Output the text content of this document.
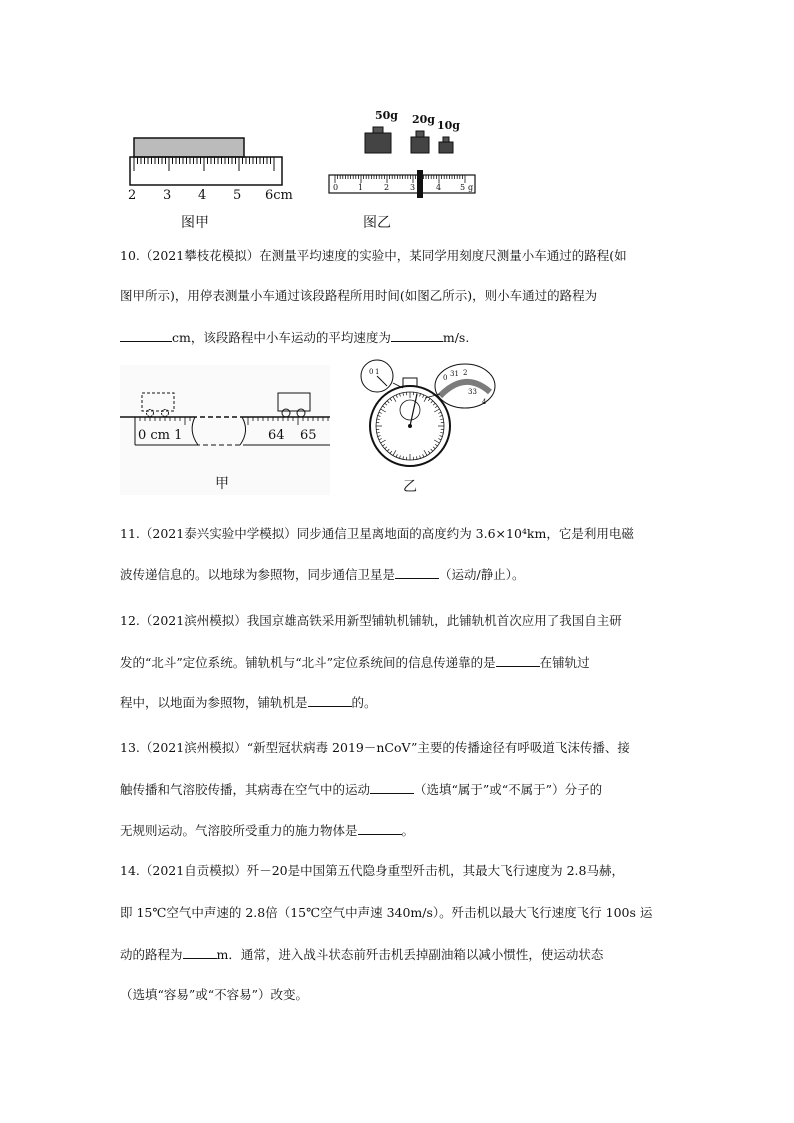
2 3 4 5 6cm
图甲
50g 20g 10g
0 1	2	3	4 5 g
图乙
10.（2021攀枝花模拟）在测量平均速度的实验中，某同学用刻度尺测量小车通过的路程(如
图甲所示)，用停表测量小车通过该段路程所用时间(如图乙所示)，则小车通过的路程为
cm，该段路程中小车运动的平均速度为	m/s.
0 cm 1	64 65
甲
0 1
0 31 2
33
4
乙
11.（2021泰兴实验中学模拟）同步通信卫星离地面的高度约为 3.6×10⁴km，它是利用电磁
波传递信息的。以地球为参照物，同步通信卫星是	（运动/静止）。
12.（2021滨州模拟）我国京雄高铁采用新型铺轨机铺轨，此铺轨机首次应用了我国自主研
发的“北斗”定位系统。铺轨机与“北斗”定位系统间的信息传递靠的是	在铺轨过
程中，以地面为参照物，铺轨机是	的。
13.（2021滨州模拟）“新型冠状病毒 2019－nCoV”主要的传播途径有呼吸道飞沫传播、接
触传播和气溶胶传播，其病毒在空气中的运动	（选填“属于”或“不属于”）分子的
无规则运动。气溶胶所受重力的施力物体是	。
14.（2021自贡模拟）歼－20是中国第五代隐身重型歼击机，其最大飞行速度为 2.8马赫，
即 15℃空气中声速的 2.8倍（15℃空气中声速 340m/s）。歼击机以最大飞行速度飞行 100s 运
动的路程为	m．通常，进入战斗状态前歼击机丢掉副油箱以减小惯性，使运动状态
（选填“容易”或“不容易”）改变。
